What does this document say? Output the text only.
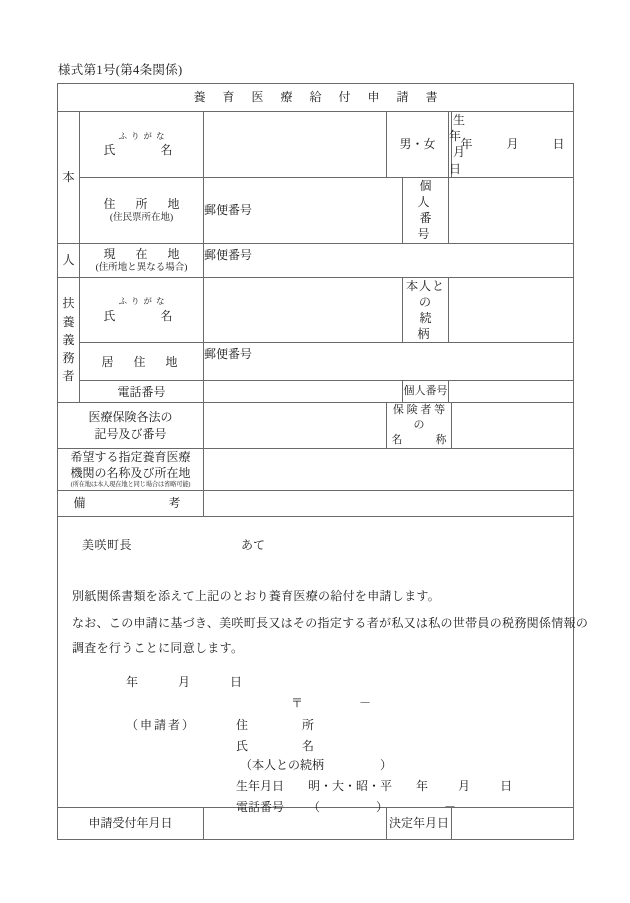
様式第1号(第4条関係)
養 育 医 療 給 付 申 請 書						

本	ふりがな
氏　　名		男・女		生　年
月　日	年 月 日

	住　所　地
(住民票所在地)	郵便番号		個　人
番　号		

人	現　在　地
(住所地と異なる場合)	郵便番号				

扶
養
義
務
者	ふりがな
氏　　名			本人との
続　柄		

	居　住　地	郵便番号				
	電話番号			個人番号		

医療保険各法の
記号及び番号			保 険 者 等 の
名　　　称			

希望する指定養育医療
機関の名称及び所在地
(所在地は本人現在地と同じ場合は省略可能)						

備　　　　考						

美咲町長	あて
別紙関係書類を添えて上記のとおり養育医療の給付を申請します。
なお、この申請に基づき、美咲町長又はその指定する者が私又は私の世帯員の税務関係情報の
調査を行うことに同意します。
年	月	日
〒	－
（申請者）	住　　所
氏　　名
（本人との続柄	）
生年月日 明・大・昭・平 年	月	日
電話番号 （	）	－

申請受付年月日			決定年月日			
